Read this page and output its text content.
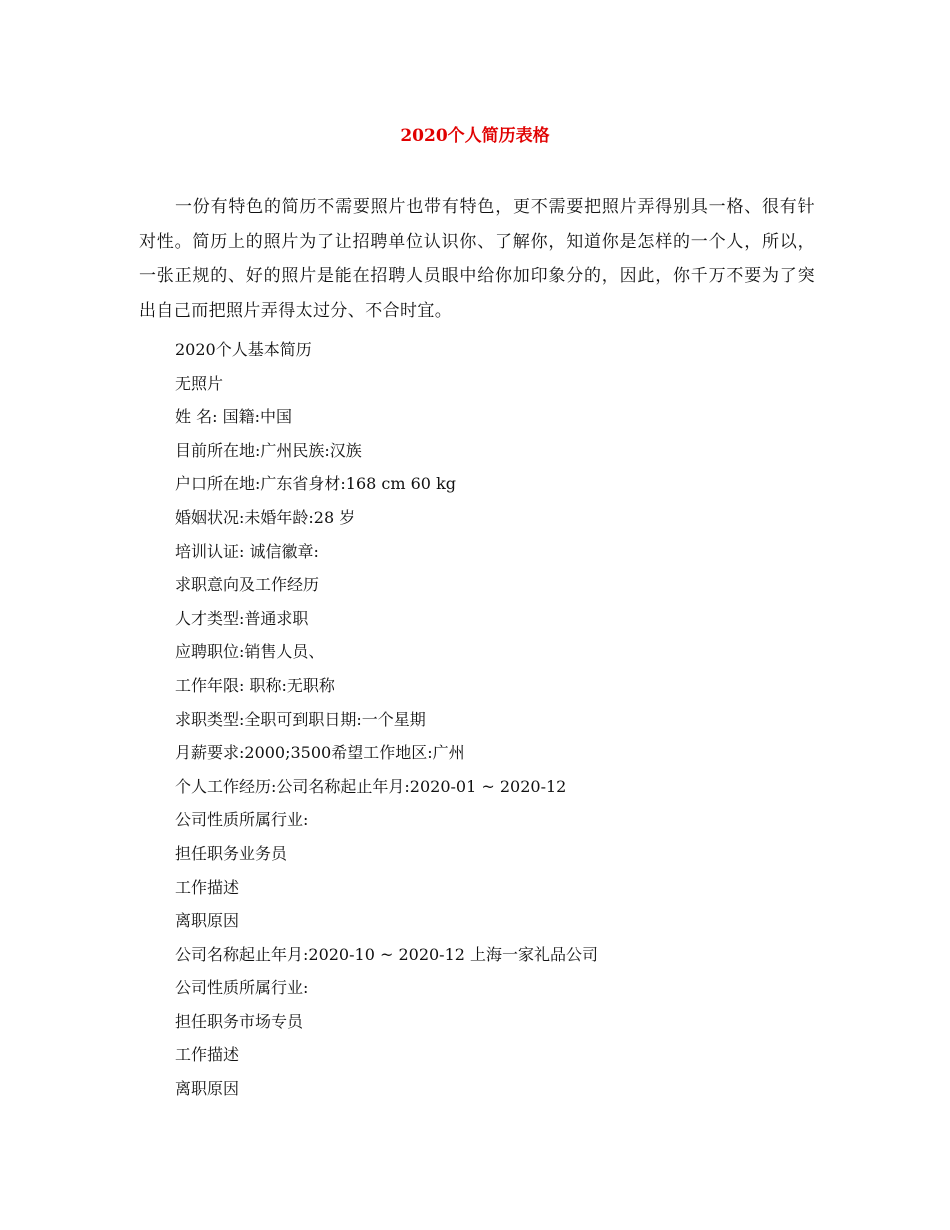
2020个人简历表格

一份有特色的简历不需要照片也带有特色，更不需要把照片弄得别具一格、很有针对性。简历上的照片为了让招聘单位认识你、了解你，知道你是怎样的一个人，所以，一张正规的、好的照片是能在招聘人员眼中给你加印象分的，因此，你千万不要为了突出自己而把照片弄得太过分、不合时宜。

2020个人基本简历
无照片
姓 名: 国籍:中国
目前所在地:广州民族:汉族
户口所在地:广东省身材:168 cm 60 kg
婚姻状况:未婚年龄:28 岁
培训认证: 诚信徽章:
求职意向及工作经历
人才类型:普通求职
应聘职位:销售人员、
工作年限: 职称:无职称
求职类型:全职可到职日期:一个星期
月薪要求:2000;3500希望工作地区:广州
个人工作经历:公司名称起止年月:2020-01 ~ 2020-12
公司性质所属行业:
担任职务业务员
工作描述
离职原因
公司名称起止年月:2020-10 ~ 2020-12 上海一家礼品公司
公司性质所属行业:
担任职务市场专员
工作描述
离职原因
